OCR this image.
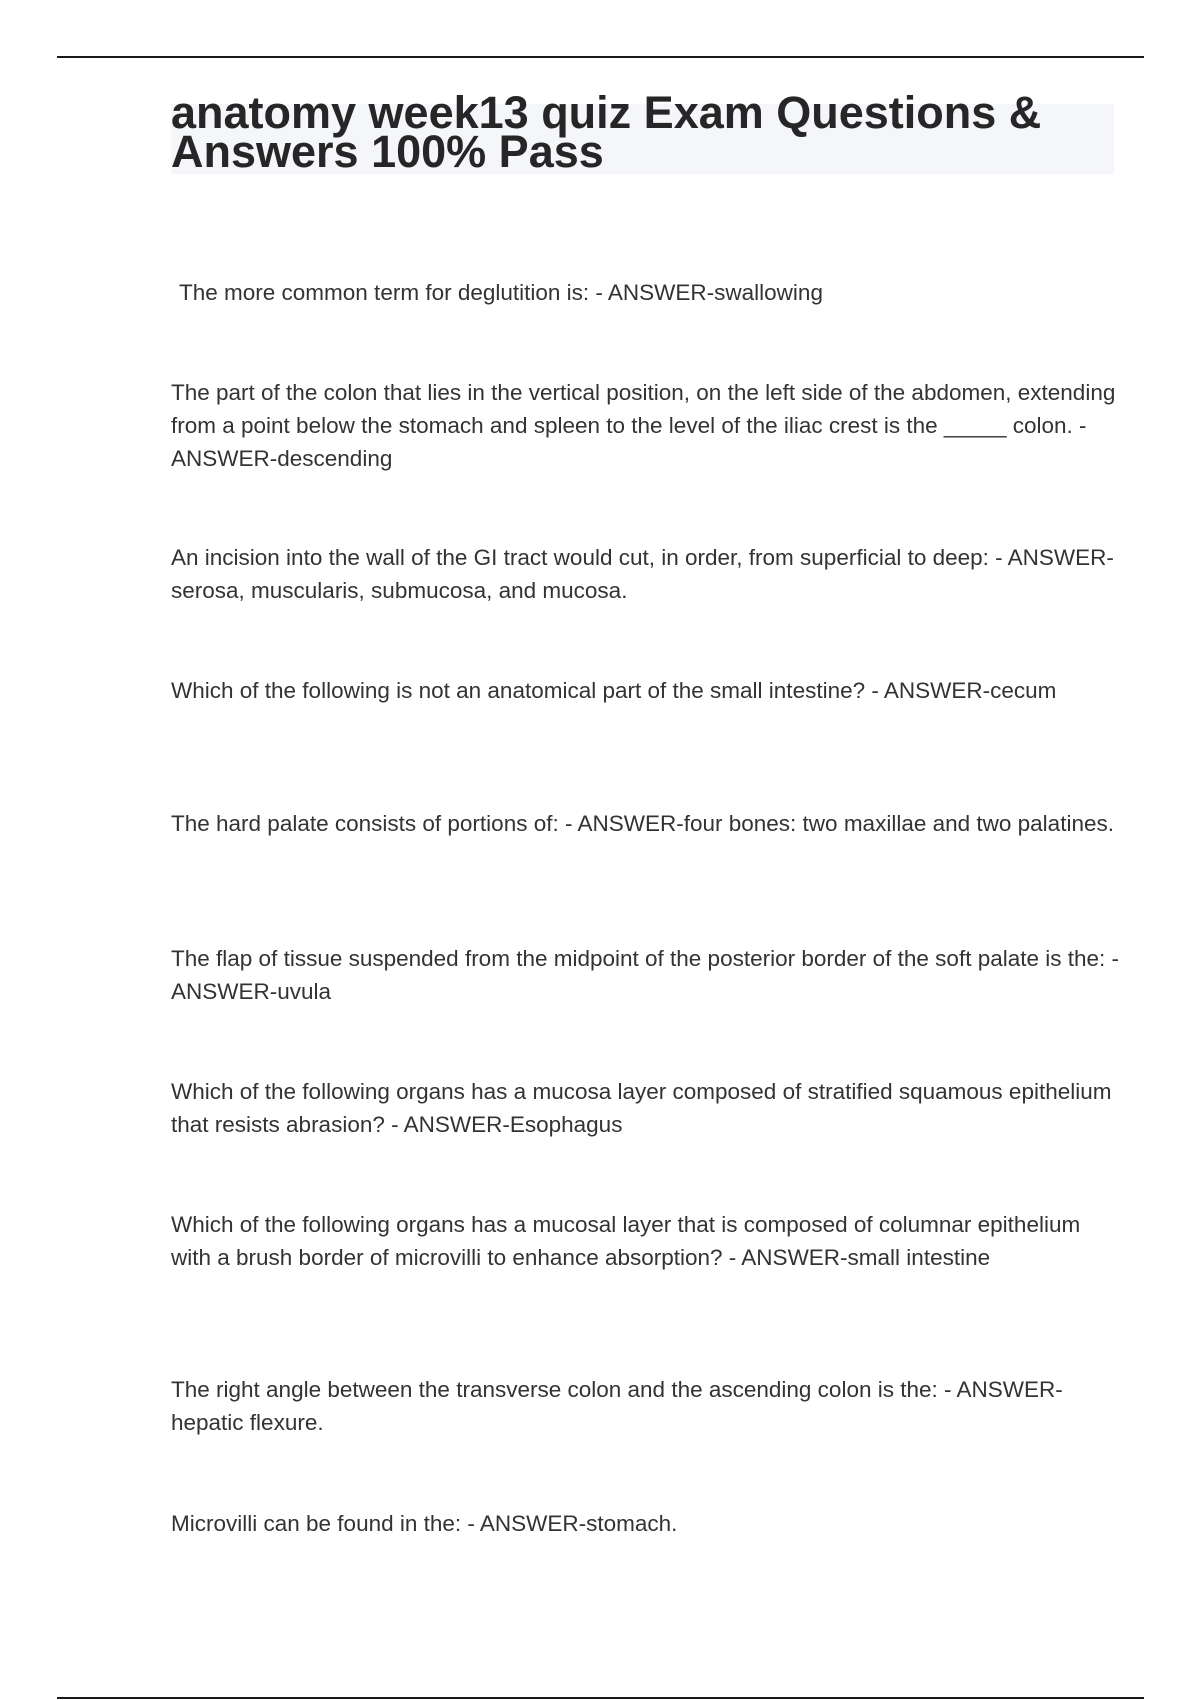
anatomy week13 quiz Exam Questions & Answers 100% Pass

The more common term for deglutition is: - ANSWER-swallowing

The part of the colon that lies in the vertical position, on the left side of the abdomen, extending from a point below the stomach and spleen to the level of the iliac crest is the _____ colon. - ANSWER-descending

An incision into the wall of the GI tract would cut, in order, from superficial to deep: - ANSWER-serosa, muscularis, submucosa, and mucosa.

Which of the following is not an anatomical part of the small intestine? - ANSWER-cecum

The hard palate consists of portions of: - ANSWER-four bones: two maxillae and two palatines.

The flap of tissue suspended from the midpoint of the posterior border of the soft palate is the: - ANSWER-uvula

Which of the following organs has a mucosa layer composed of stratified squamous epithelium that resists abrasion? - ANSWER-Esophagus

Which of the following organs has a mucosal layer that is composed of columnar epithelium with a brush border of microvilli to enhance absorption? - ANSWER-small intestine

The right angle between the transverse colon and the ascending colon is the: - ANSWER-hepatic flexure.

Microvilli can be found in the: - ANSWER-stomach.
